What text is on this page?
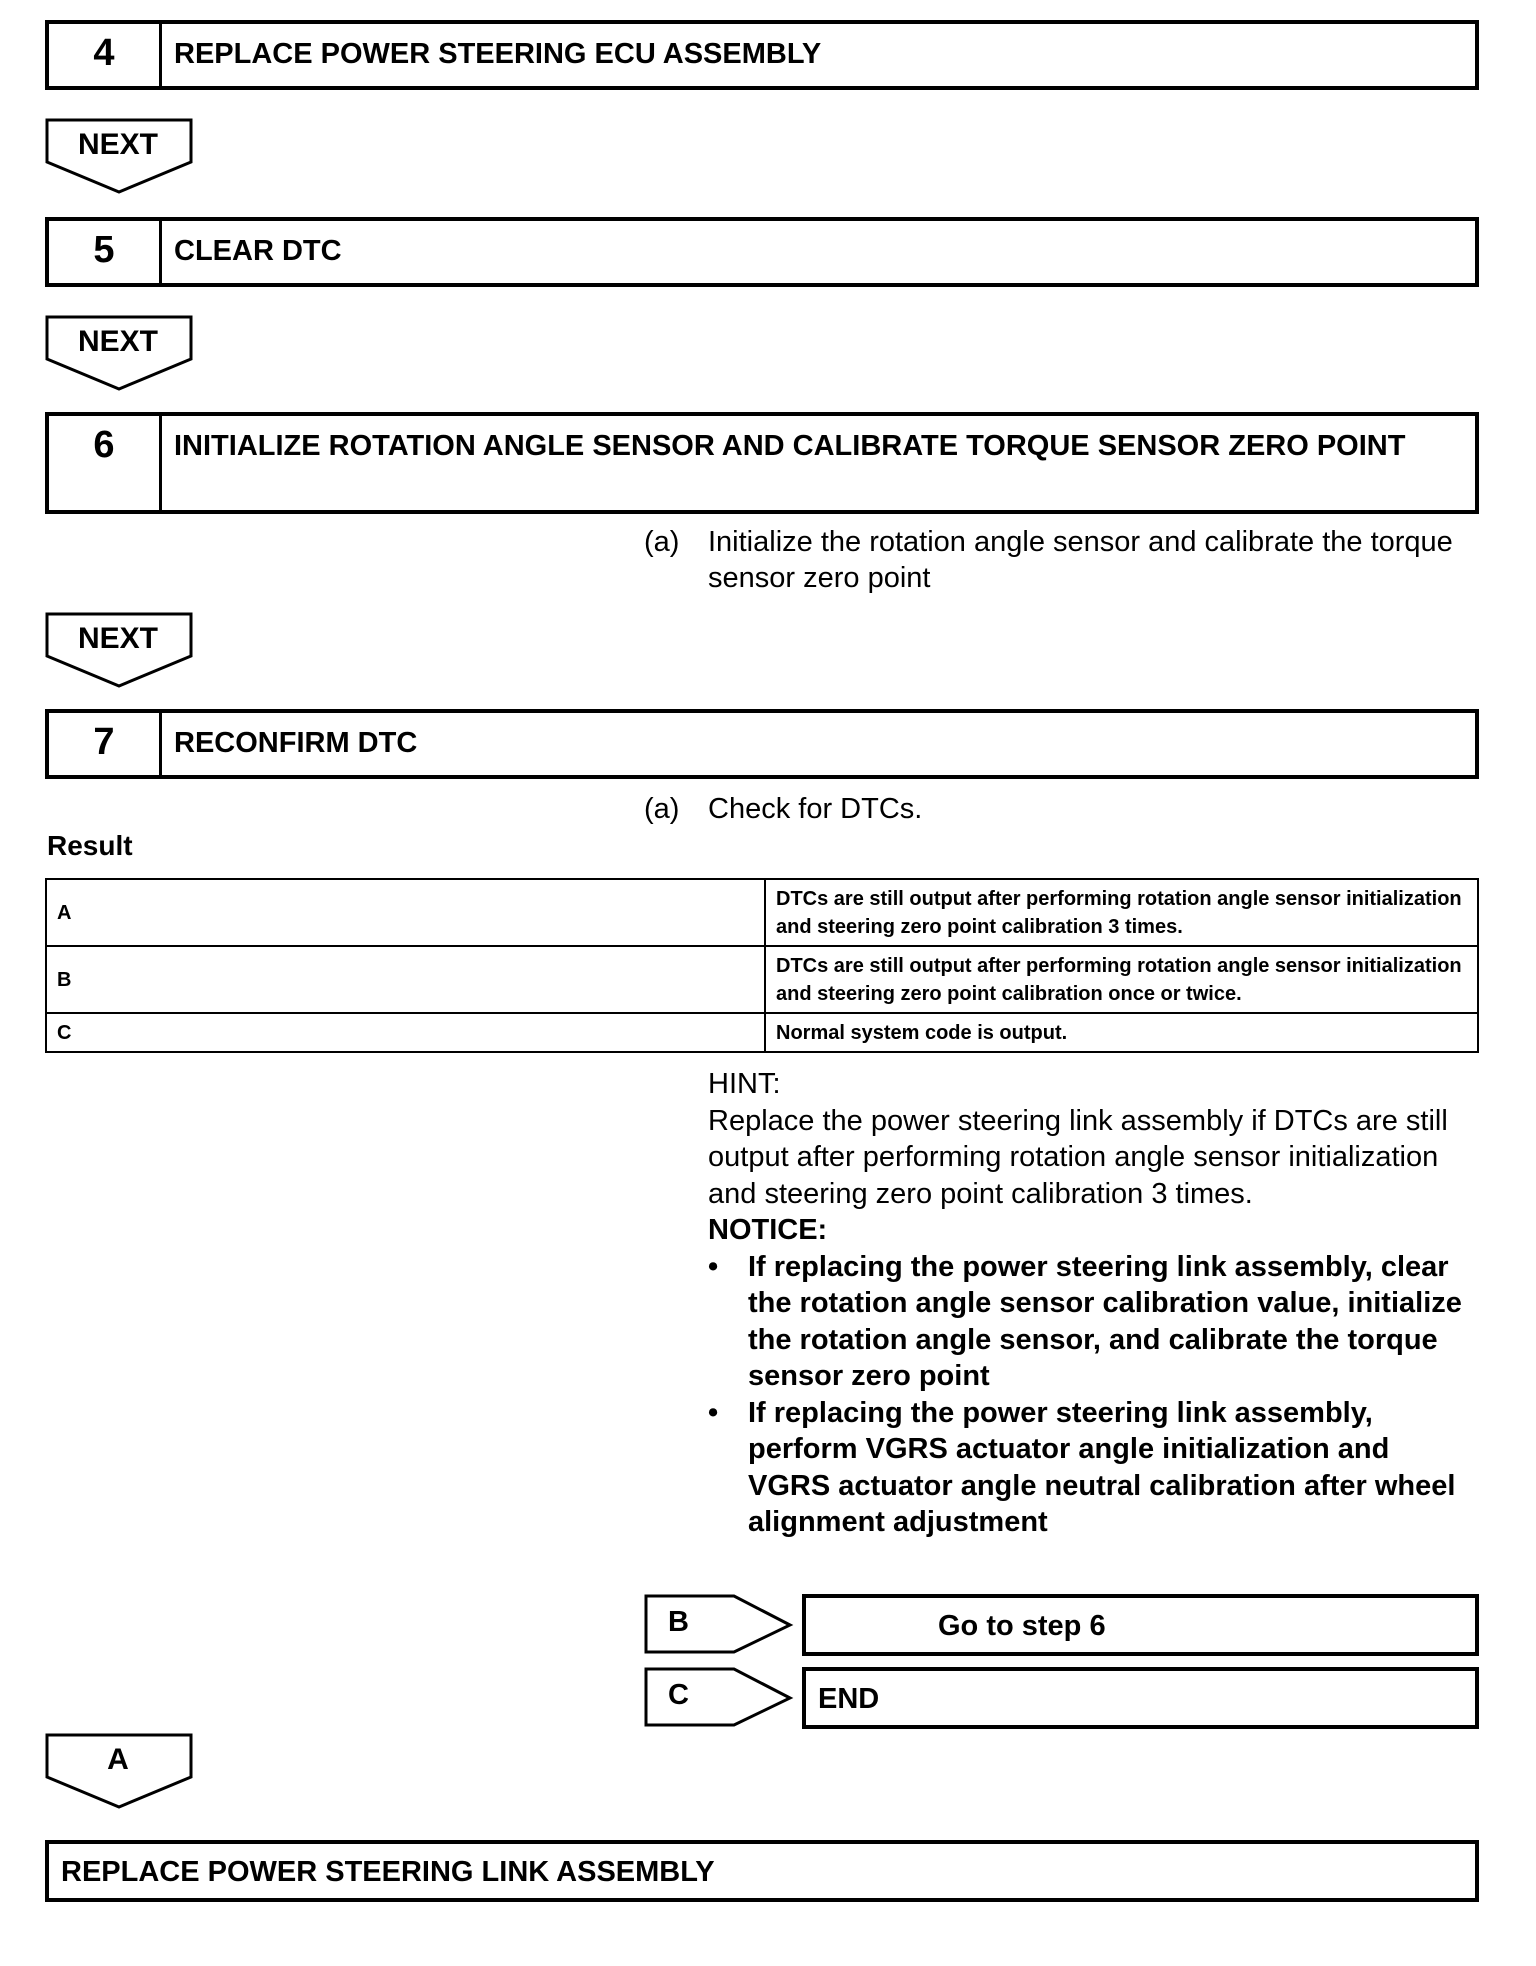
4	REPLACE POWER STEERING ECU ASSEMBLY
NEXT
5	CLEAR DTC
NEXT
6	INITIALIZE ROTATION ANGLE SENSOR AND CALIBRATE TORQUE SENSOR ZERO POINT
(a) Initialize the rotation angle sensor and calibrate the torque sensor zero point
NEXT
7	RECONFIRM DTC
(a) Check for DTCs.
Result
A	DTCs are still output after performing rotation angle sensor initialization and steering zero point calibration 3 times.
B	DTCs are still output after performing rotation angle sensor initialization and steering zero point calibration once or twice.
C	Normal system code is output.
HINT:
Replace the power steering link assembly if DTCs are still output after performing rotation angle sensor initialization and steering zero point calibration 3 times.
NOTICE:
• If replacing the power steering link assembly, clear the rotation angle sensor calibration value, initialize the rotation angle sensor, and calibrate the torque sensor zero point
• If replacing the power steering link assembly, perform VGRS actuator angle initialization and VGRS actuator angle neutral calibration after wheel alignment adjustment
B	Go to step 6
C	END
A
REPLACE POWER STEERING LINK ASSEMBLY
